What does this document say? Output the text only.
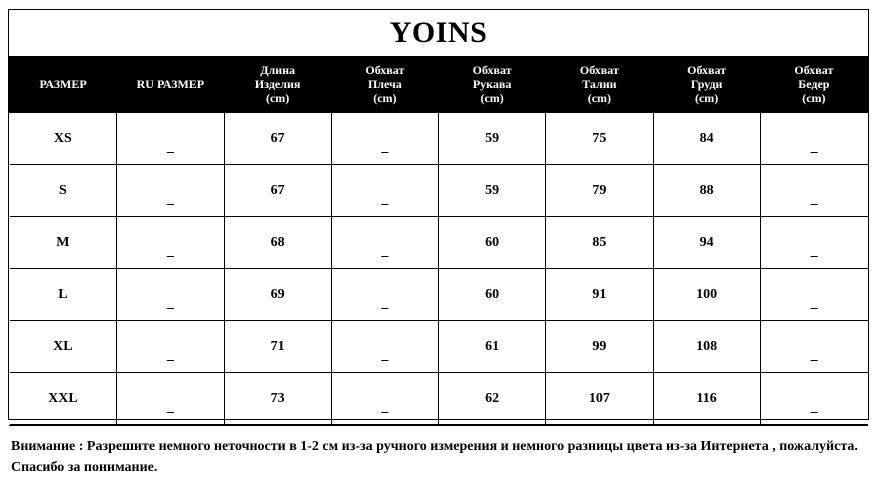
YOINS
РАЗМЕР	RU РАЗМЕР	Длина
Изделия
(cm)	Обхват
Плеча
(cm)	Обхват
Рукава
(cm)	Обхват
Талии
(cm)	Обхват
Груди
(cm)	Обхват
Бедер
(cm)

XS	_	67	_	59	75	84	_
S	_	67	_	59	79	88	_
M	_	68	_	60	85	94	_
L	_	69	_	60	91	100	_
XL	_	71	_	61	99	108	_
XXL	_	73	_	62	107	116	_
Внимание : Разрешите немного неточности в 1-2 см из-за ручного измерения и немного разницы цвета из-за Интернета , пожалуйста. Спасибо за понимание.
